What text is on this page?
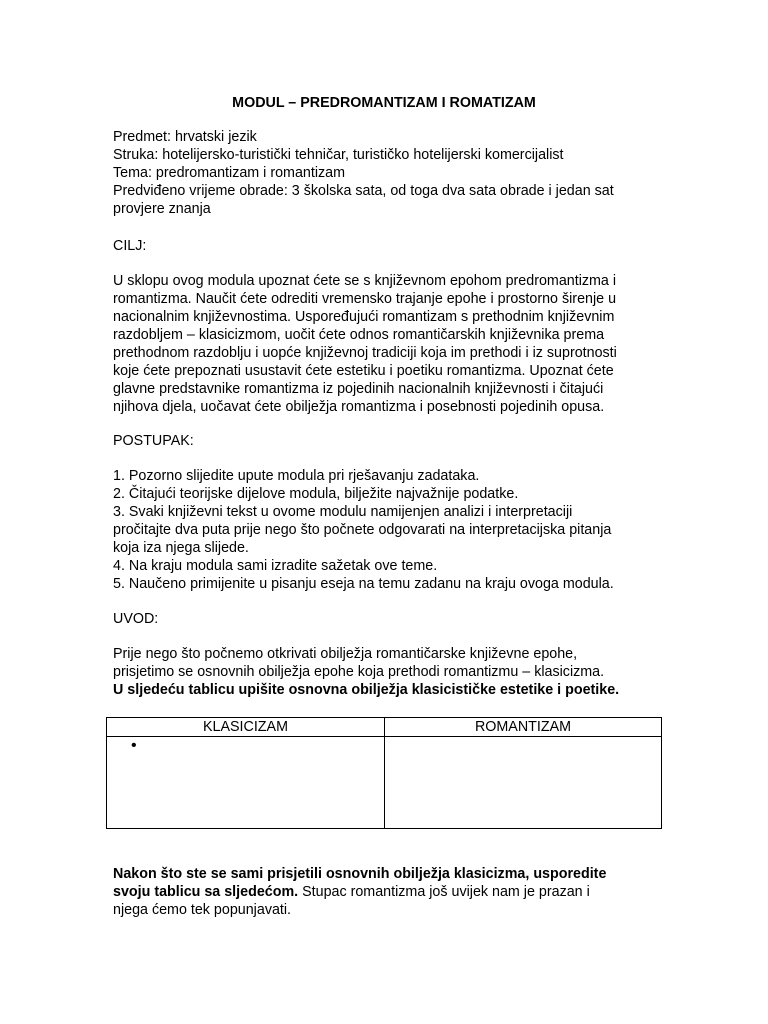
MODUL – PREDROMANTIZAM I ROMATIZAM
Predmet: hrvatski jezik
Struka: hotelijersko-turistički tehničar, turističko hotelijerski komercijalist
Tema: predromantizam i romantizam
Predviđeno vrijeme obrade: 3 školska sata, od toga dva sata obrade i jedan sat
provjere znanja
CILJ:
U sklopu ovog modula upoznat ćete se s književnom epohom predromantizma i
romantizma. Naučit ćete odrediti vremensko trajanje epohe i prostorno širenje u
nacionalnim književnostima. Uspoređujući romantizam s prethodnim književnim
razdobljem – klasicizmom, uočit ćete odnos romantičarskih književnika prema
prethodnom razdoblju i uopće književnoj tradiciji koja im prethodi i iz suprotnosti
koje ćete prepoznati usustavit ćete estetiku i poetiku romantizma. Upoznat ćete
glavne predstavnike romantizma iz pojedinih nacionalnih književnosti i čitajući
njihova djela, uočavat ćete obilježja romantizma i posebnosti pojedinih opusa.
POSTUPAK:
1. Pozorno slijedite upute modula pri rješavanju zadataka.
2. Čitajući teorijske dijelove modula, bilježite najvažnije podatke.
3. Svaki književni tekst u ovome modulu namijenjen analizi i interpretaciji
pročitajte dva puta prije nego što počnete odgovarati na interpretacijska pitanja
koja iza njega slijede.
4. Na kraju modula sami izradite sažetak ove teme.
5. Naučeno primijenite u pisanju eseja na temu zadanu na kraju ovoga modula.
UVOD:
Prije nego što počnemo otkrivati obilježja romantičarske književne epohe,
prisjetimo se osnovnih obilježja epohe koja prethodi romantizmu – klasicizma.
U sljedeću tablicu upišite osnovna obilježja klasicističke estetike i poetike.
KLASICIZAM	ROMANTIZAM

•	

Nakon što ste se sami prisjetili osnovnih obilježja klasicizma, usporedite
svoju tablicu sa sljedećom. Stupac romantizma još uvijek nam je prazan i
njega ćemo tek popunjavati.
